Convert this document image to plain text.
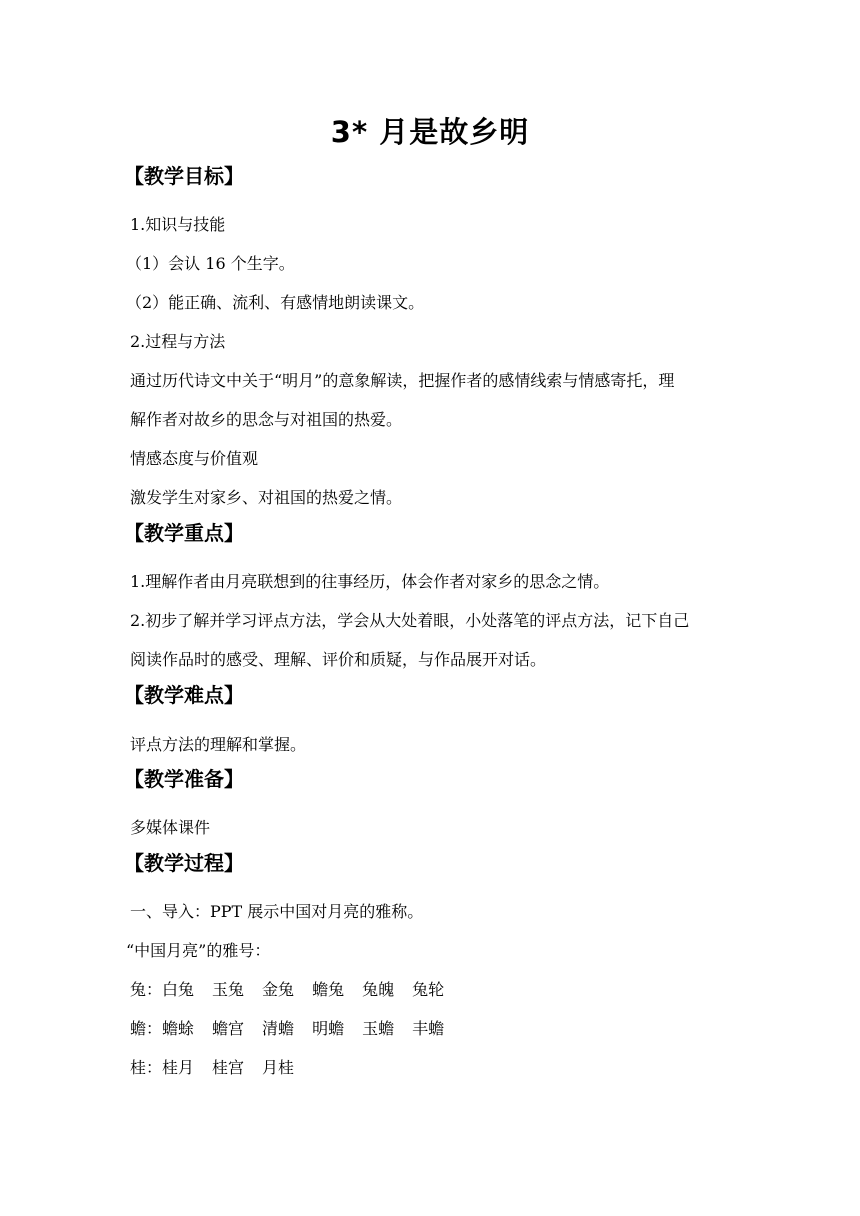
3* 月是故乡明
【教学目标】
1.知识与技能
（1）会认 16 个生字。
（2）能正确、流利、有感情地朗读课文。
2.过程与方法
通过历代诗文中关于“明月”的意象解读，把握作者的感情线索与情感寄托，理
解作者对故乡的思念与对祖国的热爱。
情感态度与价值观
激发学生对家乡、对祖国的热爱之情。
【教学重点】
1.理解作者由月亮联想到的往事经历，体会作者对家乡的思念之情。
2.初步了解并学习评点方法，学会从大处着眼，小处落笔的评点方法，记下自己
阅读作品时的感受、理解、评价和质疑，与作品展开对话。
【教学难点】
评点方法的理解和掌握。
【教学准备】
多媒体课件
【教学过程】
一、导入：PPT 展示中国对月亮的雅称。
“中国月亮”的雅号：
兔：白兔 玉兔 金兔 蟾兔 兔魄 兔轮
蟾：蟾蜍 蟾宫 清蟾 明蟾 玉蟾 丰蟾
桂：桂月 桂宫 月桂
